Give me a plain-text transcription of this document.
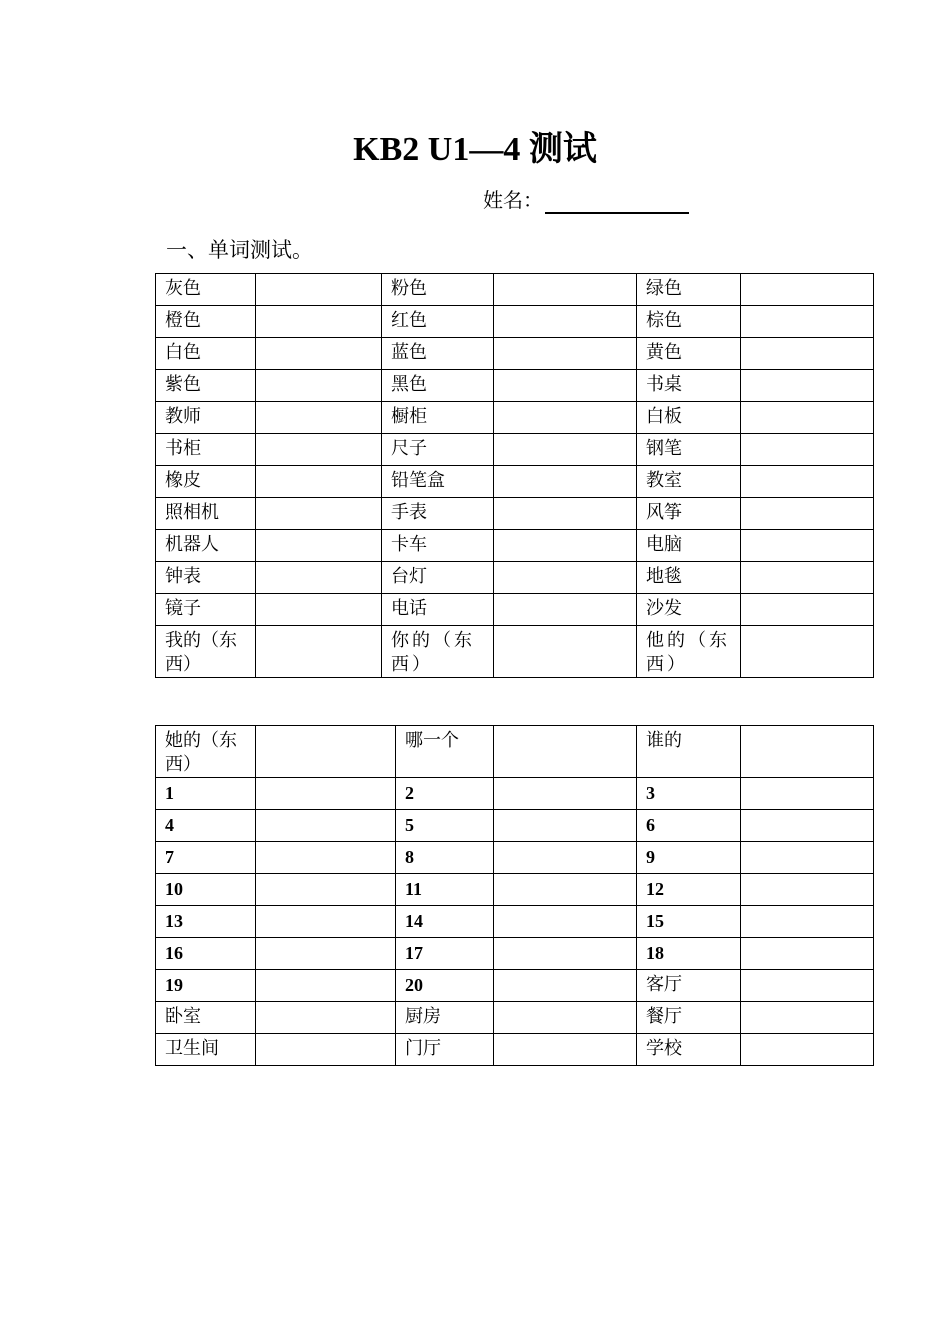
KB2 U1—4 测试
姓名：
一、单词测试。
灰色		粉色		绿色	
橙色		红色		棕色	
白色		蓝色		黄色	
紫色		黑色		书桌	
教师		橱柜		白板	
书柜		尺子		钢笔	
橡皮		铅笔盒		教室	
照相机		手表		风筝	
机器人		卡车		电脑	
钟表		台灯		地毯	
镜子		电话		沙发	
我的（东西）		你的（东西）		他的（东西）	
她的（东西）		哪一个		谁的	
1		2		3	
4		5		6	
7		8		9	
10		11		12	
13		14		15	
16		17		18	
19		20		客厅	
卧室		厨房		餐厅	
卫生间		门厅		学校	
